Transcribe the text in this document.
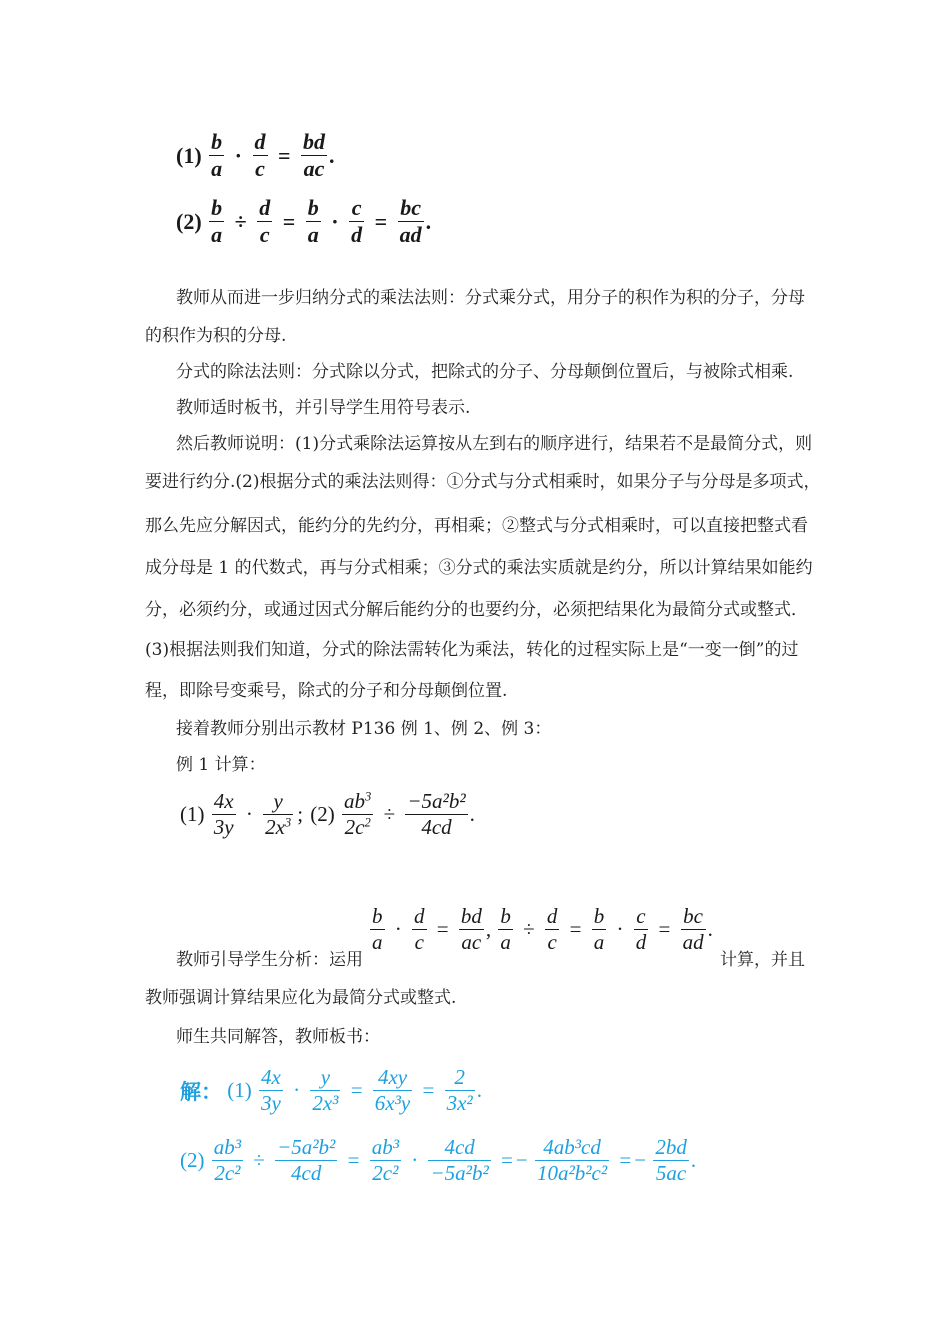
$(1) \frac{b}{a} \cdot \frac{d}{c} = \frac{bd}{ac}$ .
$(2) \frac{b}{a} \div \frac{d}{c} = \frac{b}{a} \cdot \frac{c}{d} = \frac{bc}{ad}$ .
教师从而进一步归纳分式的乘法法则：分式乘分式，用分子的积作为积的分子，分母
的积作为积的分母.
分式的除法法则：分式除以分式，把除式的分子、分母颠倒位置后，与被除式相乘.
教师适时板书，并引导学生用符号表示.
然后教师说明：(1)分式乘除法运算按从左到右的顺序进行，结果若不是最简分式，则
要进行约分.(2)根据分式的乘法法则得：①分式与分式相乘时，如果分子与分母是多项式，
那么先应分解因式，能约分的先约分，再相乘；②整式与分式相乘时，可以直接把整式看
成分母是 1 的代数式，再与分式相乘；③分式的乘法实质就是约分，所以计算结果如能约
分，必须约分，或通过因式分解后能约分的也要约分，必须把结果化为最简分式或整式．
(3)根据法则我们知道，分式的除法需转化为乘法，转化的过程实际上是“一变一倒”的过
程，即除号变乘号，除式的分子和分母颠倒位置.
接着教师分别出示教材 P136 例 1、例 2、例 3：
例 1 计算：
$(1) \frac{4x}{3y} \cdot \frac{y}{2x^3}$ ; $(2) \frac{ab^3}{2c^2} \div \frac{\text{−5a²b²}}{4cd}$ .
教师引导学生分析：运用
$\frac{b}{a} \cdot \frac{d}{c} = \frac{bd}{ac}$ , $\frac{b}{a} \div \frac{d}{c} = \frac{b}{a} \cdot \frac{c}{d} = \frac{bc}{ad}$ .
计算，并且
教师强调计算结果应化为最简分式或整式.
师生共同解答，教师板书：
解： $(1) \frac{4x}{3y} \cdot \frac{y}{\text{2x³}} = \frac{4xy}{\text{6x³y}} = \frac{2}{\text{3x²}}$ .
$(2) \frac{\text{ab³}}{\text{2c²}} \div \frac{\text{−5a²b²}}{4cd} = \frac{\text{ab³}}{\text{2c²}} \cdot \frac{4cd}{\text{−5a²b²}}$ = − $\frac{\text{4ab³cd}}{\text{10a²b²c²}}$ = − $\frac{2bd}{5ac}$ .
